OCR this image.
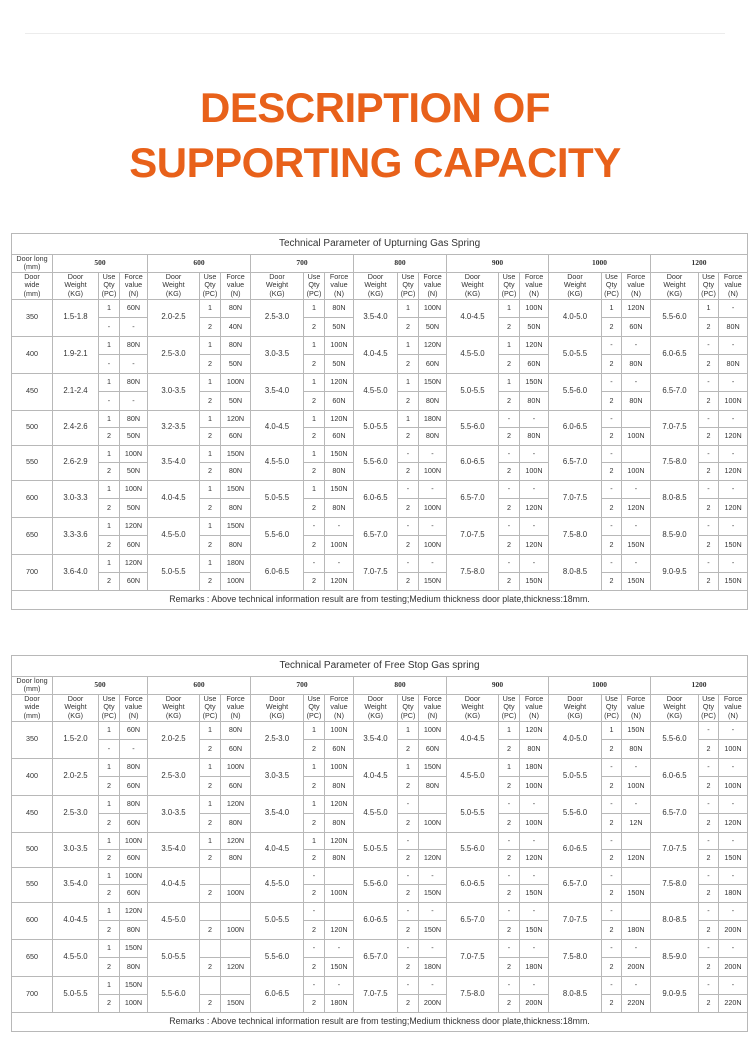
DESCRIPTION OF
SUPPORTING CAPACITY
Technical Parameter of Upturning Gas Spring																					
Door long
(mm)	500			600			700			800			900			1000			1200		
Door
wide
(mm)	Door
Weight
(KG)	Use
Qty
(PC)	Force
value
(N)	Door
Weight
(KG)	Use
Qty
(PC)	Force
value
(N)	Door
Weight
(KG)	Use
Qty
(PC)	Force
value
(N)	Door
Weight
(KG)	Use
Qty
(PC)	Force
value
(N)	Door
Weight
(KG)	Use
Qty
(PC)	Force
value
(N)	Door
Weight
(KG)	Use
Qty
(PC)	Force
value
(N)	Door
Weight
(KG)	Use
Qty
(PC)	Force
value
(N)
350	1.5-1.8	1	60N	2.0-2.5	1	80N	2.5-3.0	1	80N	3.5-4.0	1	100N	4.0-4.5	1	100N	4.0-5.0	1	120N	5.5-6.0	1	-
		-	-		2	40N		2	50N		2	50N		2	50N		2	60N		2	80N
400	1.9-2.1	1	80N	2.5-3.0	1	80N	3.0-3.5	1	100N	4.0-4.5	1	120N	4.5-5.0	1	120N	5.0-5.5	-	-	6.0-6.5	-	-
		-	-		2	50N		2	50N		2	60N		2	60N		2	80N		2	80N
450	2.1-2.4	1	80N	3.0-3.5	1	100N	3.5-4.0	1	120N	4.5-5.0	1	150N	5.0-5.5	1	150N	5.5-6.0	-	-	6.5-7.0	-	-
		-	-		2	50N		2	60N		2	80N		2	80N		2	80N		2	100N
500	2.4-2.6	1	80N	3.2-3.5	1	120N	4.0-4.5	1	120N	5.0-5.5	1	180N	5.5-6.0	-	-	6.0-6.5	-		7.0-7.5	-	-
		2	50N		2	60N		2	60N		2	80N		2	80N		2	100N		2	120N
550	2.6-2.9	1	100N	3.5-4.0	1	150N	4.5-5.0	1	150N	5.5-6.0	-	-	6.0-6.5	-	-	6.5-7.0	-		7.5-8.0	-	-
		2	50N		2	80N		2	80N		2	100N		2	100N		2	100N		2	120N
600	3.0-3.3	1	100N	4.0-4.5	1	150N	5.0-5.5	1	150N	6.0-6.5	-	-	6.5-7.0	-	-	7.0-7.5	-	-	8.0-8.5	-	-
		2	50N		2	80N		2	80N		2	100N		2	120N		2	120N		2	120N
650	3.3-3.6	1	120N	4.5-5.0	1	150N	5.5-6.0	-	-	6.5-7.0	-	-	7.0-7.5	-	-	7.5-8.0	-	-	8.5-9.0	-	-
		2	60N		2	80N		2	100N		2	100N		2	120N		2	150N		2	150N
700	3.6-4.0	1	120N	5.0-5.5	1	180N	6.0-6.5	-	-	7.0-7.5	-	-	7.5-8.0	-	-	8.0-8.5	-	-	9.0-9.5	-	-
		2	60N		2	100N		2	120N		2	150N		2	150N		2	150N		2	150N
Remarks : Above technical information result are from testing;Medium thickness door plate,thickness:18mm.																					
Technical Parameter of Free Stop Gas spring																					
Door long
(mm)	500			600			700			800			900			1000			1200		
Door
wide
(mm)	Door
Weight
(KG)	Use
Qty
(PC)	Force
value
(N)	Door
Weight
(KG)	Use
Qty
(PC)	Force
value
(N)	Door
Weight
(KG)	Use
Qty
(PC)	Force
value
(N)	Door
Weight
(KG)	Use
Qty
(PC)	Force
value
(N)	Door
Weight
(KG)	Use
Qty
(PC)	Force
value
(N)	Door
Weight
(KG)	Use
Qty
(PC)	Force
value
(N)	Door
Weight
(KG)	Use
Qty
(PC)	Force
value
(N)
350	1.5-2.0	1	60N	2.0-2.5	1	80N	2.5-3.0	1	100N	3.5-4.0	1	100N	4.0-4.5	1	120N	4.0-5.0	1	150N	5.5-6.0	-	-
		-	-		2	60N		2	60N		2	60N		2	80N		2	80N		2	100N
400	2.0-2.5	1	80N	2.5-3.0	1	100N	3.0-3.5	1	100N	4.0-4.5	1	150N	4.5-5.0	1	180N	5.0-5.5	-	-	6.0-6.5	-	-
		2	60N		2	60N		2	80N		2	80N		2	100N		2	100N		2	100N
450	2.5-3.0	1	80N	3.0-3.5	1	120N	3.5-4.0	1	120N	4.5-5.0	-		5.0-5.5	-	-	5.5-6.0	-	-	6.5-7.0	-	-
		2	60N		2	80N		2	80N		2	100N		2	100N		2	12N		2	120N
500	3.0-3.5	1	100N	3.5-4.0	1	120N	4.0-4.5	1	120N	5.0-5.5	-		5.5-6.0	-	-	6.0-6.5	-		7.0-7.5	-	-
		2	60N		2	80N		2	80N		2	120N		2	120N		2	120N		2	150N
550	3.5-4.0	1	100N	4.0-4.5			4.5-5.0	-		5.5-6.0	-	-	6.0-6.5	-	-	6.5-7.0	-		7.5-8.0	-	-
		2	60N		2	100N		2	100N		2	150N		2	150N		2	150N		2	180N
600	4.0-4.5	1	120N	4.5-5.0			5.0-5.5	-		6.0-6.5	-	-	6.5-7.0	-	-	7.0-7.5	-		8.0-8.5	-	-
		2	80N		2	100N		2	120N		2	150N		2	150N		2	180N		2	200N
650	4.5-5.0	1	150N	5.0-5.5			5.5-6.0	-	-	6.5-7.0	-	-	7.0-7.5	-	-	7.5-8.0	-	-	8.5-9.0	-	-
		2	80N		2	120N		2	150N		2	180N		2	180N		2	200N		2	200N
700	5.0-5.5	1	150N	5.5-6.0			6.0-6.5	-	-	7.0-7.5	-	-	7.5-8.0	-	-	8.0-8.5	-	-	9.0-9.5	-	-
		2	100N		2	150N		2	180N		2	200N		2	200N		2	220N		2	220N
Remarks : Above technical information result are from testing;Medium thickness door plate,thickness:18mm.																					
